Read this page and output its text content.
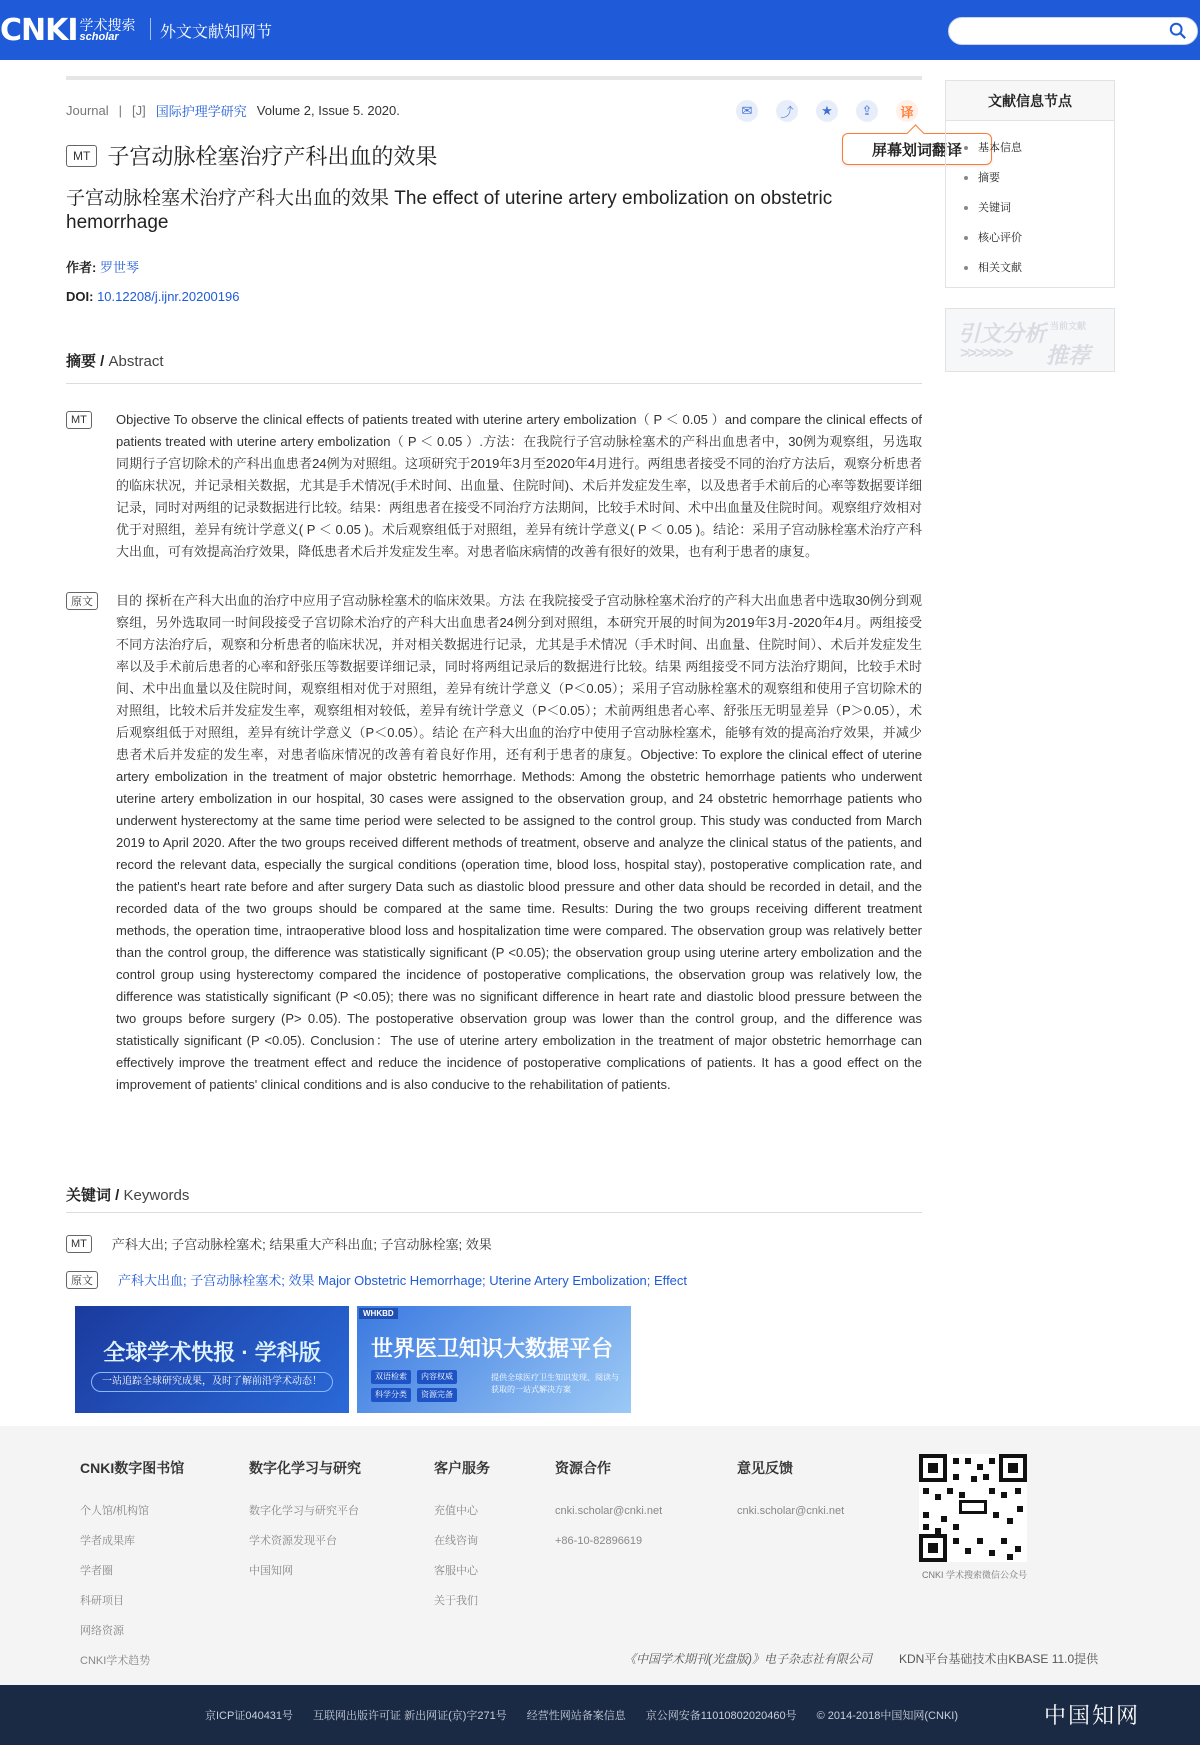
CNKI 学术搜索
scholar	外文文献知网节
Journal | [J] 国际护理学研究 Volume 2, Issue 5. 2020.	✉	⤴	★	⇪	译
屏幕划词翻译
MT 子宫动脉栓塞治疗产科出血的效果
子宫动脉栓塞术治疗产科大出血的效果 The effect of uterine artery embolization on obstetric hemorrhage
作者: 罗世琴
DOI: 10.12208/j.ijnr.20200196
摘要 / Abstract
MT	Objective To observe the clinical effects of patients treated with uterine artery embolization（ P ＜ 0.05 ）and compare the clinical effects of patients treated with uterine artery embolization（ P ＜ 0.05 ）.方法：在我院行子宫动脉栓塞术的产科出血患者中，30例为观察组，另选取同期行子宫切除术的产科出血患者24例为对照组。这项研究于2019年3月至2020年4月进行。两组患者接受不同的治疗方法后，观察分析患者的临床状况，并记录相关数据，尤其是手术情况(手术时间、出血量、住院时间)、术后并发症发生率，以及患者手术前后的心率等数据要详细记录，同时对两组的记录数据进行比较。结果：两组患者在接受不同治疗方法期间，比较手术时间、术中出血量及住院时间。观察组疗效相对优于对照组，差异有统计学意义( P ＜ 0.05 )。术后观察组低于对照组，差异有统计学意义( P ＜ 0.05 )。结论：采用子宫动脉栓塞术治疗产科大出血，可有效提高治疗效果，降低患者术后并发症发生率。对患者临床病情的改善有很好的效果，也有利于患者的康复。
原文	目的 探析在产科大出血的治疗中应用子宫动脉栓塞术的临床效果。方法 在我院接受子宫动脉栓塞术治疗的产科大出血患者中选取30例分到观察组，另外选取同一时间段接受子宫切除术治疗的产科大出血患者24例分到对照组，本研究开展的时间为2019年3月-2020年4月。两组接受不同方法治疗后，观察和分析患者的临床状况，并对相关数据进行记录，尤其是手术情况（手术时间、出血量、住院时间）、术后并发症发生率以及手术前后患者的心率和舒张压等数据要详细记录，同时将两组记录后的数据进行比较。结果 两组接受不同方法治疗期间，比较手术时间、术中出血量以及住院时间，观察组相对优于对照组，差异有统计学意义（P＜0.05）；采用子宫动脉栓塞术的观察组和使用子宫切除术的对照组，比较术后并发症发生率，观察组相对较低，差异有统计学意义（P＜0.05）；术前两组患者心率、舒张压无明显差异（P＞0.05），术后观察组低于对照组，差异有统计学意义（P＜0.05）。结论 在产科大出血的治疗中使用子宫动脉栓塞术，能够有效的提高治疗效果，并减少患者术后并发症的发生率，对患者临床情况的改善有着良好作用，还有利于患者的康复。Objective: To explore the clinical effect of uterine artery embolization in the treatment of major obstetric hemorrhage. Methods: Among the obstetric hemorrhage patients who underwent uterine artery embolization in our hospital, 30 cases were assigned to the observation group, and 24 obstetric hemorrhage patients who underwent hysterectomy at the same time period were selected to be assigned to the control group. This study was conducted from March 2019 to April 2020. After the two groups received different methods of treatment, observe and analyze the clinical status of the patients, and record the relevant data, especially the surgical conditions (operation time, blood loss, hospital stay), postoperative complication rate, and the patient's heart rate before and after surgery Data such as diastolic blood pressure and other data should be recorded in detail, and the recorded data of the two groups should be compared at the same time. Results: During the two groups receiving different treatment methods, the operation time, intraoperative blood loss and hospitalization time were compared. The observation group was relatively better than the control group, the difference was statistically significant (P <0.05); the observation group using uterine artery embolization and the control group using hysterectomy compared the incidence of postoperative complications, the observation group was relatively low, the difference was statistically significant (P <0.05); there was no significant difference in heart rate and diastolic blood pressure between the two groups before surgery (P> 0.05). The postoperative observation group was lower than the control group, and the difference was statistically significant (P <0.05). Conclusion：The use of uterine artery embolization in the treatment of major obstetric hemorrhage can effectively improve the treatment effect and reduce the incidence of postoperative complications of patients. It has a good effect on the improvement of patients' clinical conditions and is also conducive to the rehabilitation of patients.
关键词 / Keywords
MT	产科大出; 子宫动脉栓塞术; 结果重大产科出血; 子宫动脉栓塞; 效果
原文	产科大出血; 子宫动脉栓塞术; 效果 Major Obstetric Hemorrhage; Uterine Artery Embolization; Effect
全球学术快报 · 学科版
一站追踪全球研究成果，及时了解前沿学术动态！
WHKBD
世界医卫知识大数据平台
双语检索	内容权威
科学分类	资源完备
提供全球医疗卫生知识发现、阅读与获取的一站式解决方案
文献信息节点
基本信息
摘要
关键词
核心评价
相关文献
引文分析
>>>>>>>
当前文献
推荐
CNKI数字图书馆
个人馆/机构馆
学者成果库
学者圈
科研项目
网络资源
CNKI学术趋势
数字化学习与研究
数字化学习与研究平台
学术资源发现平台
中国知网
客户服务
充值中心
在线咨询
客服中心
关于我们
资源合作
cnki.scholar@cnki.net
+86-10-82896619
意见反馈
cnki.scholar@cnki.net
CNKI 学术搜索微信公众号
《中国学术期刊(光盘版)》电子杂志社有限公司 KDN平台基础技术由KBASE 11.0提供
京ICP证040431号 互联网出版许可证 新出网证(京)字271号 经营性网站备案信息 京公网安备11010802020460号 © 2014-2018中国知网(CNKI)	中国知网
